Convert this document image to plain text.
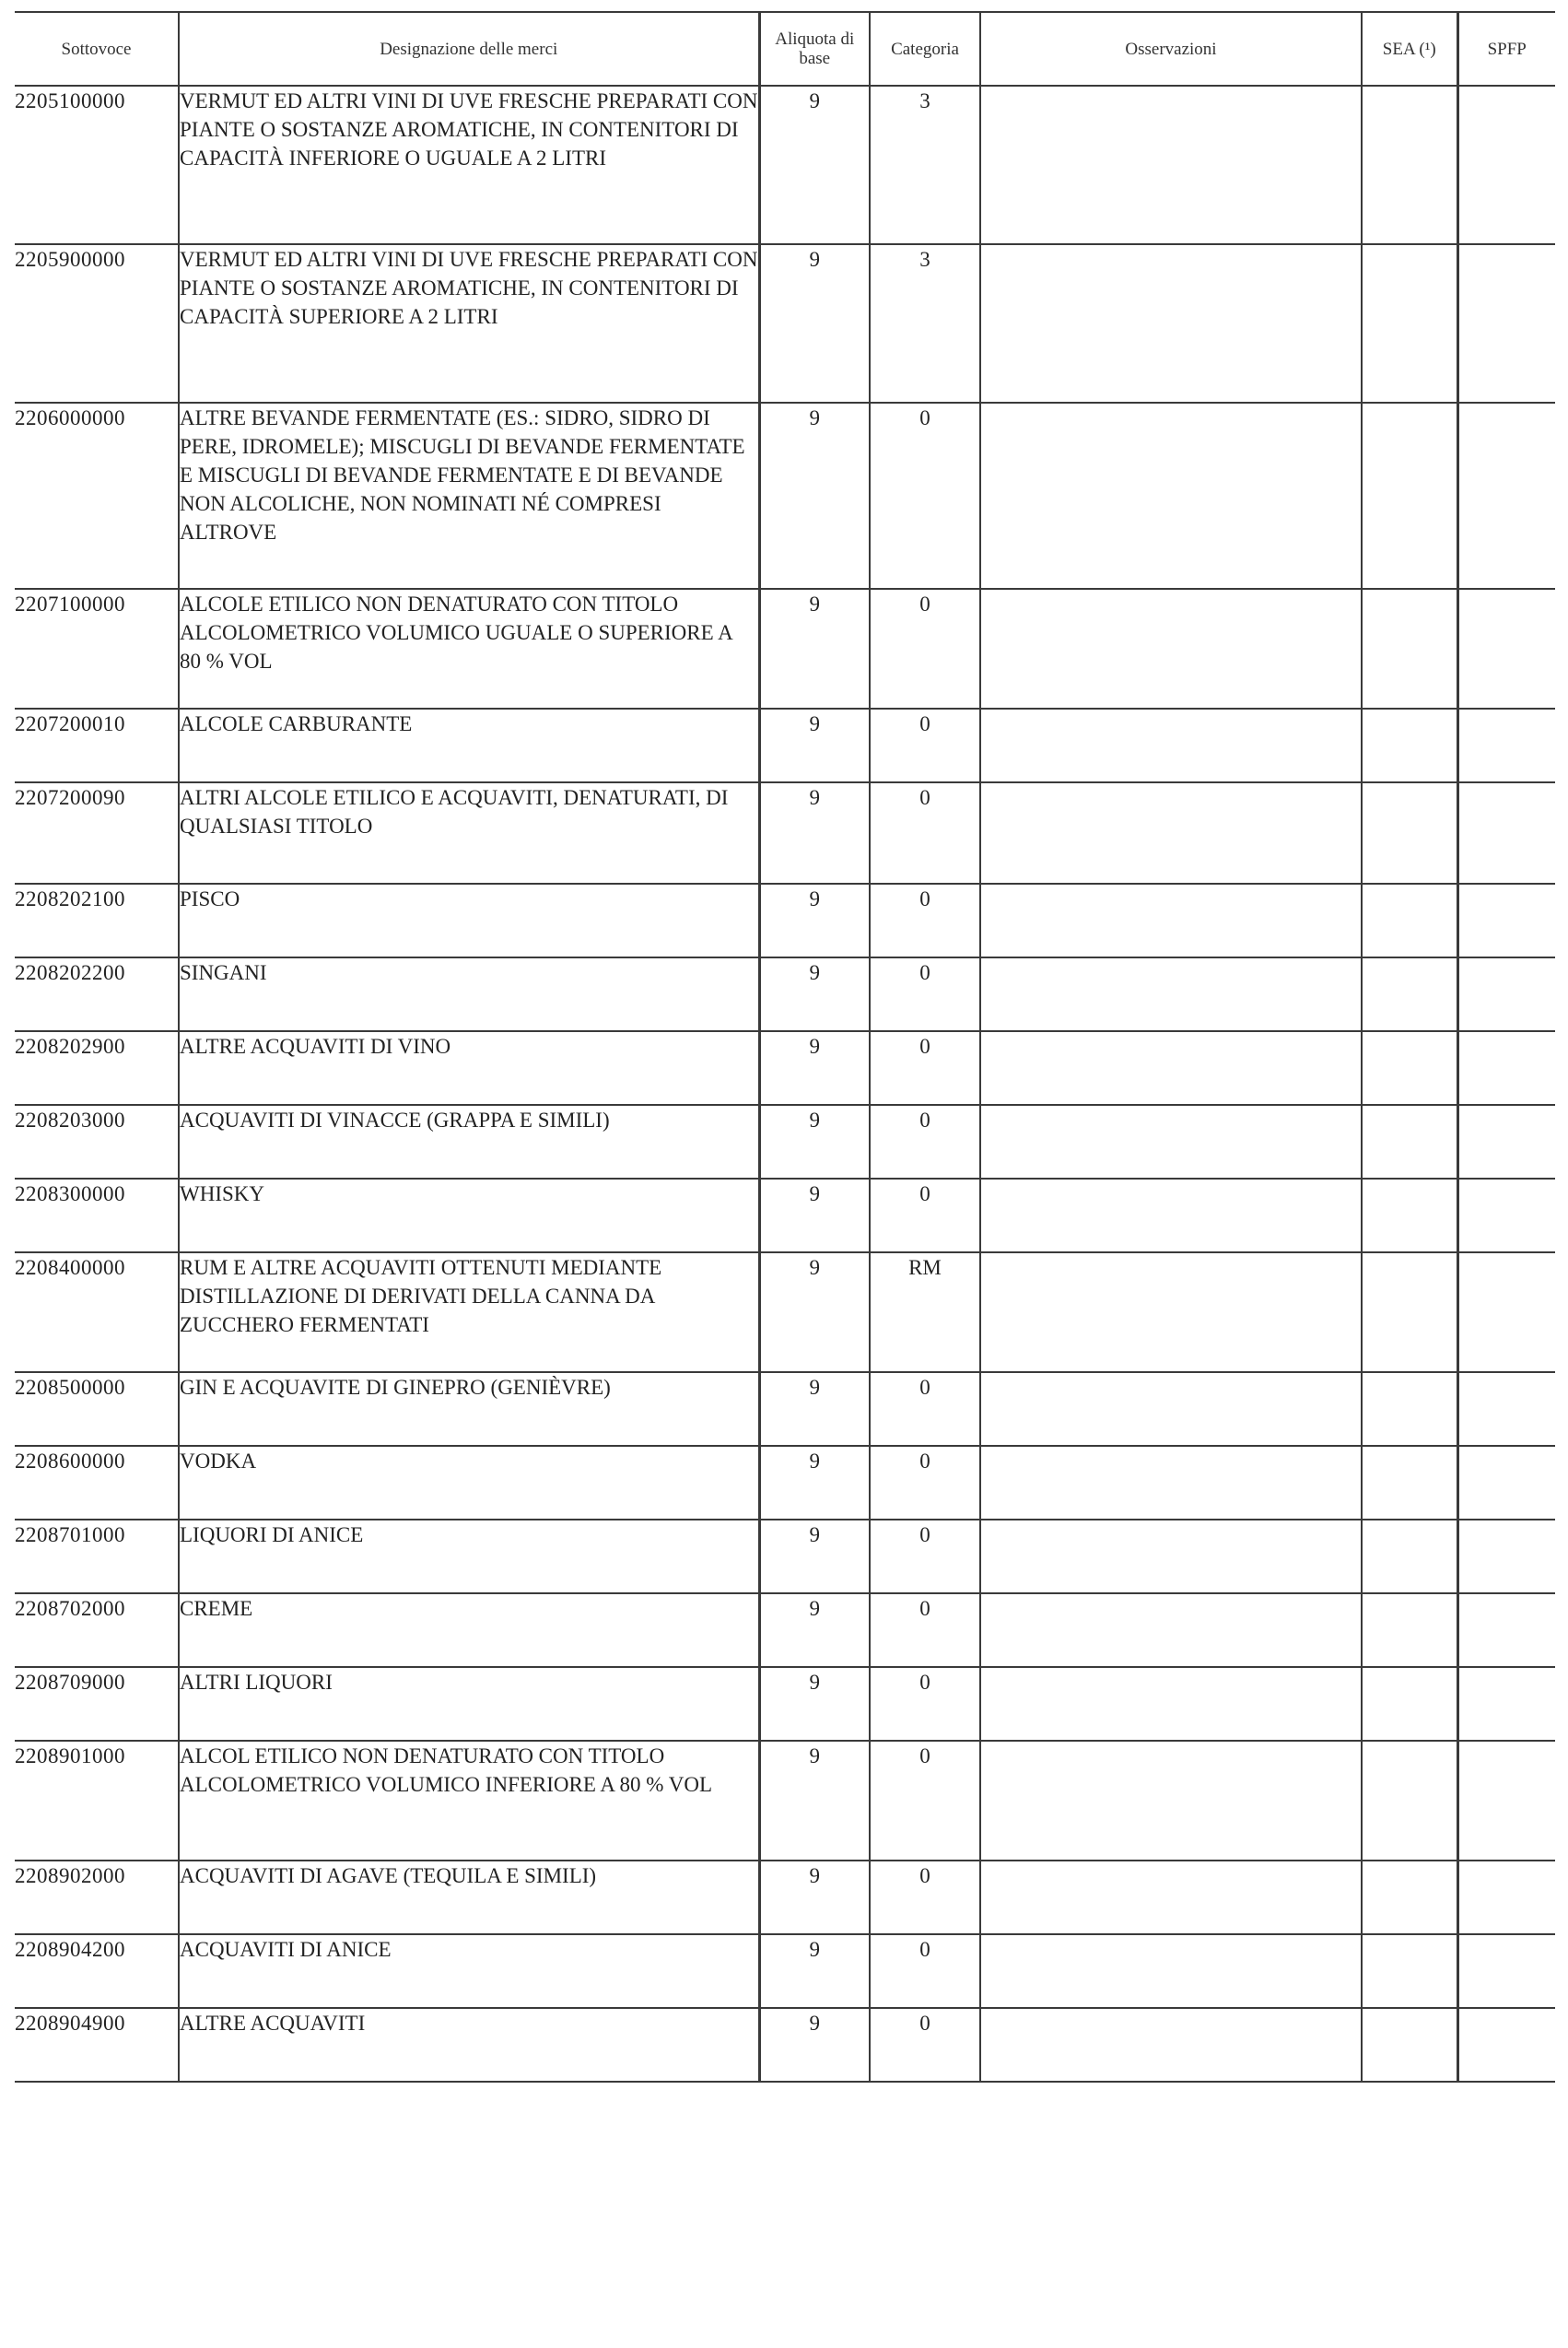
Sottovoce	Designazione delle merci	Aliquota di base	Categoria	Osservazioni	SEA (¹)	SPFP
2205100000	VERMUT ED ALTRI VINI DI UVE FRESCHE PREPARATI CON PIANTE O SOSTANZE AROMATICHE, IN CONTENITORI DI CAPACITÀ INFERIORE O UGUALE A 2 LITRI	9	3			
2205900000	VERMUT ED ALTRI VINI DI UVE FRESCHE PREPARATI CON PIANTE O SOSTANZE AROMATICHE, IN CONTENITORI DI CAPACITÀ SUPERIORE A 2 LITRI	9	3			
2206000000	ALTRE BEVANDE FERMENTATE (ES.: SIDRO, SIDRO DI PERE, IDROMELE); MISCUGLI DI BEVANDE FERMENTATE E MISCUGLI DI BEVANDE FERMENTATE E DI BEVANDE NON ALCOLICHE, NON NOMINATI NÉ COMPRESI ALTROVE	9	0			
2207100000	ALCOLE ETILICO NON DENATURATO CON TITOLO ALCOLOMETRICO VOLUMICO UGUALE O SUPERIORE A 80 % VOL	9	0			
2207200010	ALCOLE CARBURANTE	9	0			
2207200090	ALTRI ALCOLE ETILICO E ACQUAVITI, DENATURATI, DI QUALSIASI TITOLO	9	0			
2208202100	PISCO	9	0			
2208202200	SINGANI	9	0			
2208202900	ALTRE ACQUAVITI DI VINO	9	0			
2208203000	ACQUAVITI DI VINACCE (GRAPPA E SIMILI)	9	0			
2208300000	WHISKY	9	0			
2208400000	RUM E ALTRE ACQUAVITI OTTENUTI MEDIANTE DISTILLAZIONE DI DERIVATI DELLA CANNA DA ZUCCHERO FERMENTATI	9	RM			
2208500000	GIN E ACQUAVITE DI GINEPRO (GENIÈVRE)	9	0			
2208600000	VODKA	9	0			
2208701000	LIQUORI DI ANICE	9	0			
2208702000	CREME	9	0			
2208709000	ALTRI LIQUORI	9	0			
2208901000	ALCOL ETILICO NON DENATURATO CON TITOLO ALCOLOMETRICO VOLUMICO INFERIORE A 80 % VOL	9	0			
2208902000	ACQUAVITI DI AGAVE (TEQUILA E SIMILI)	9	0			
2208904200	ACQUAVITI DI ANICE	9	0			
2208904900	ALTRE ACQUAVITI	9	0			
